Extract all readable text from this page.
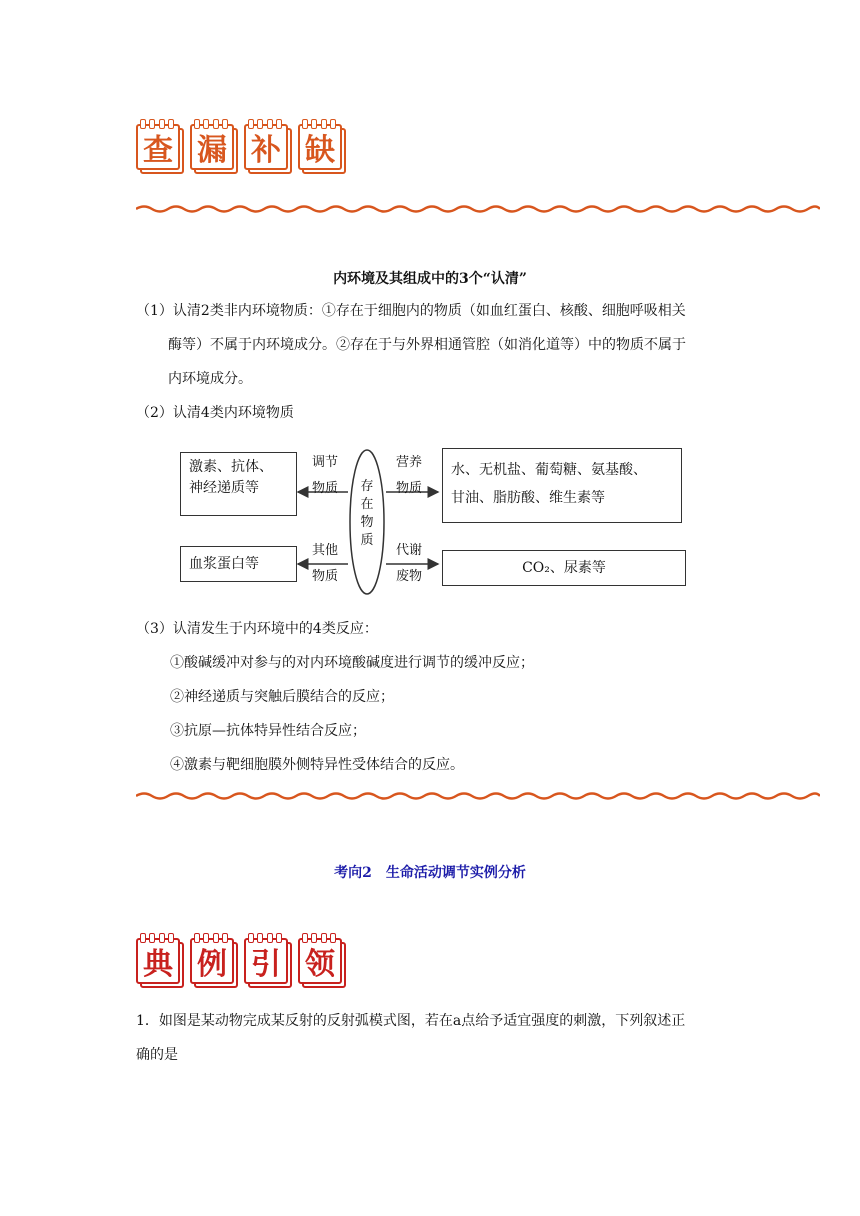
查 漏 补 缺
内环境及其组成中的3个“认清”
（1）认清2类非内环境物质：①存在于细胞内的物质（如血红蛋白、核酸、细胞呼吸相关
酶等）不属于内环境成分。②存在于与外界相通管腔（如消化道等）中的物质不属于
内环境成分。
（2）认清4类内环境物质
激素、抗体、
神经递质等
调节
物质	存
在
物
质
营养
物质
水、无机盐、葡萄糖、氨基酸、
甘油、脂肪酸、维生素等
血浆蛋白等
其他
物质
代谢
废物
CO₂、尿素等
（3）认清发生于内环境中的4类反应：
①酸碱缓冲对参与的对内环境酸碱度进行调节的缓冲反应；
②神经递质与突触后膜结合的反应；
③抗原—抗体特异性结合反应；
④激素与靶细胞膜外侧特异性受体结合的反应。
考向2　生命活动调节实例分析
典 例 引 领
1．如图是某动物完成某反射的反射弧模式图，若在a点给予适宜强度的刺激，下列叙述正
确的是
